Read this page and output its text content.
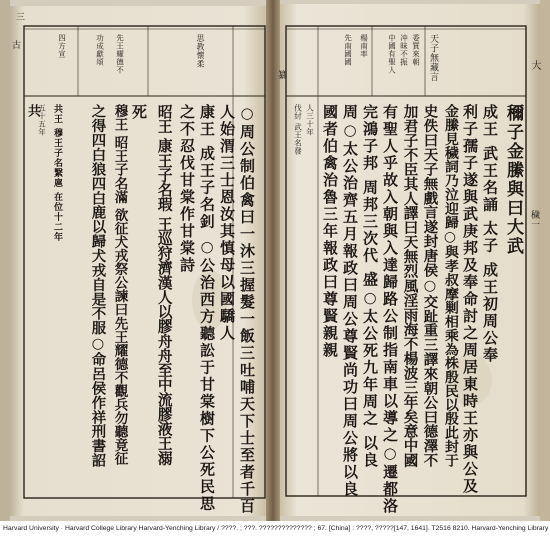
古
纂
大
三
穢一
思教懷柔
先王耀德不
功成獻頌
四方宣
○周公制伯禽曰一沐三握髮一飯三吐哺天下士至者千百
人始渭三士恩汝其慎母以國驕人
康王 成王子名釗 ○公治西方聽訟于甘棠樹下公死民思
之不忍伐甘棠作甘棠詩
昭王 康王子名瑕 王巡狩濟漢人以膠舟舟至中流膠液王溺
穆王 昭王子名滿 欲征犬戎祭公諫曰先王耀德不觀兵勿聽竟征
之得四白狼四白鹿以歸犬戎自是不服○命呂侯作祥刑書詔
共王 穆王子名繄扈 在位十二年
五十五年	死	穪子金縢與曰大武
天子無藏言
委質來朝
冲昧不振
中國有聖人
楊南率
先南國國
成王 武王名誦 太子 成王初周公奉
利子孺子遂與武庚邦及奉命討之周居東時王亦與公及
金縢見穢詞乃泣迎歸○與孝叔摩剿相乘為株殷民以殷此封于
史佚曰天子無戲言遂封唐侯○交趾重三譯來朝公曰德澤不
加君子不臣其人譯曰天無烈風淫雨海不楊波三年矣意中國
有聖人乎故入朝與入達歸路公制指南車以導之○遷都洛
完鴻子邦 周邦三次代 盛○太公死九年周之 以良
周○太公治齊五月報政曰周公尊賢尚功曰周公將以良
國者伯禽治魯三年報政曰尊賢親親
人三十年
伐紂 武王名發
共
Harvard University · Harvard College Library Harvard-Yenching Library / ????. ; ???. ?????????????? ; 67. [China] : ????, ?????[147, 1641]. T2516 8210. Harvard-Yenching Library
